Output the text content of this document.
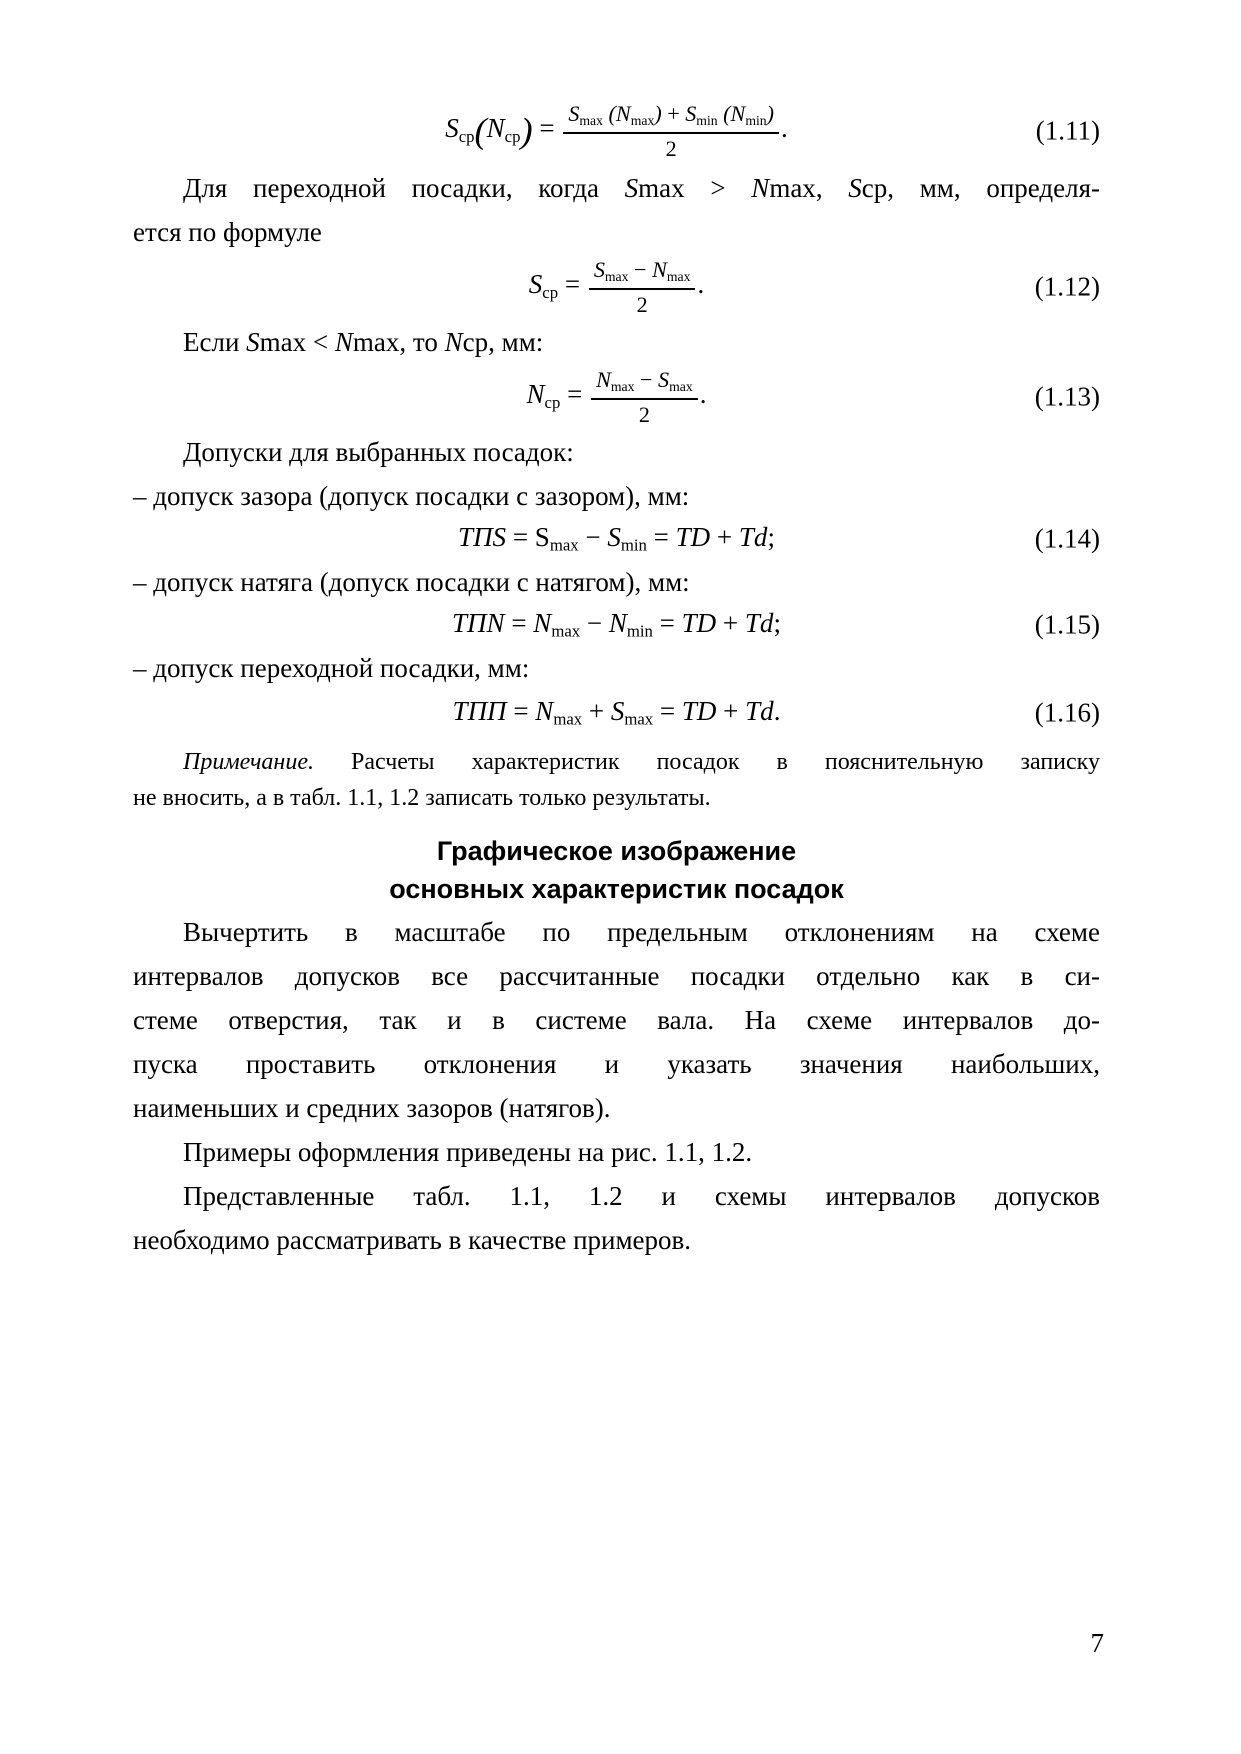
$S_{ср}(N_{ср}) = \frac{S_{max} (N_{max}) + S_{min} (N_{min})}{2}$ .	(1.11)
Для переходной посадки, когда Smax > Nmax, Sср, мм, определя-
ется по формуле
$S_{ср} = \frac{S_{max} - N_{max}}{2}$ .	(1.12)
Если Smax < Nmax, то Nср, мм:
$N_{ср} = \frac{N_{max} - S_{max}}{2}$ .	(1.13)
Допуски для выбранных посадок:
– допуск зазора (допуск посадки с зазором), мм:
ТПS = $S_{max} - S_{min}$ = TD + Td;	(1.14)
– допуск натяга (допуск посадки с натягом), мм:
ТПN = $N_{max} - N_{min}$ = TD + Td;	(1.15)
– допуск переходной посадки, мм:
ТПП = $N_{max} + S_{max}$ = TD + Td.	(1.16)
Примечание. Расчеты характеристик посадок в пояснительную записку
не вносить, а в табл. 1.1, 1.2 записать только результаты.
Графическое изображение
основных характеристик посадок
Вычертить в масштабе по предельным отклонениям на схеме
интервалов допусков все рассчитанные посадки отдельно как в си-
стеме отверстия, так и в системе вала. На схеме интервалов до-
пуска проставить отклонения и указать значения наибольших,
наименьших и средних зазоров (натягов).
Примеры оформления приведены на рис. 1.1, 1.2.
Представленные табл. 1.1, 1.2 и схемы интервалов допусков
необходимо рассматривать в качестве примеров.
7
